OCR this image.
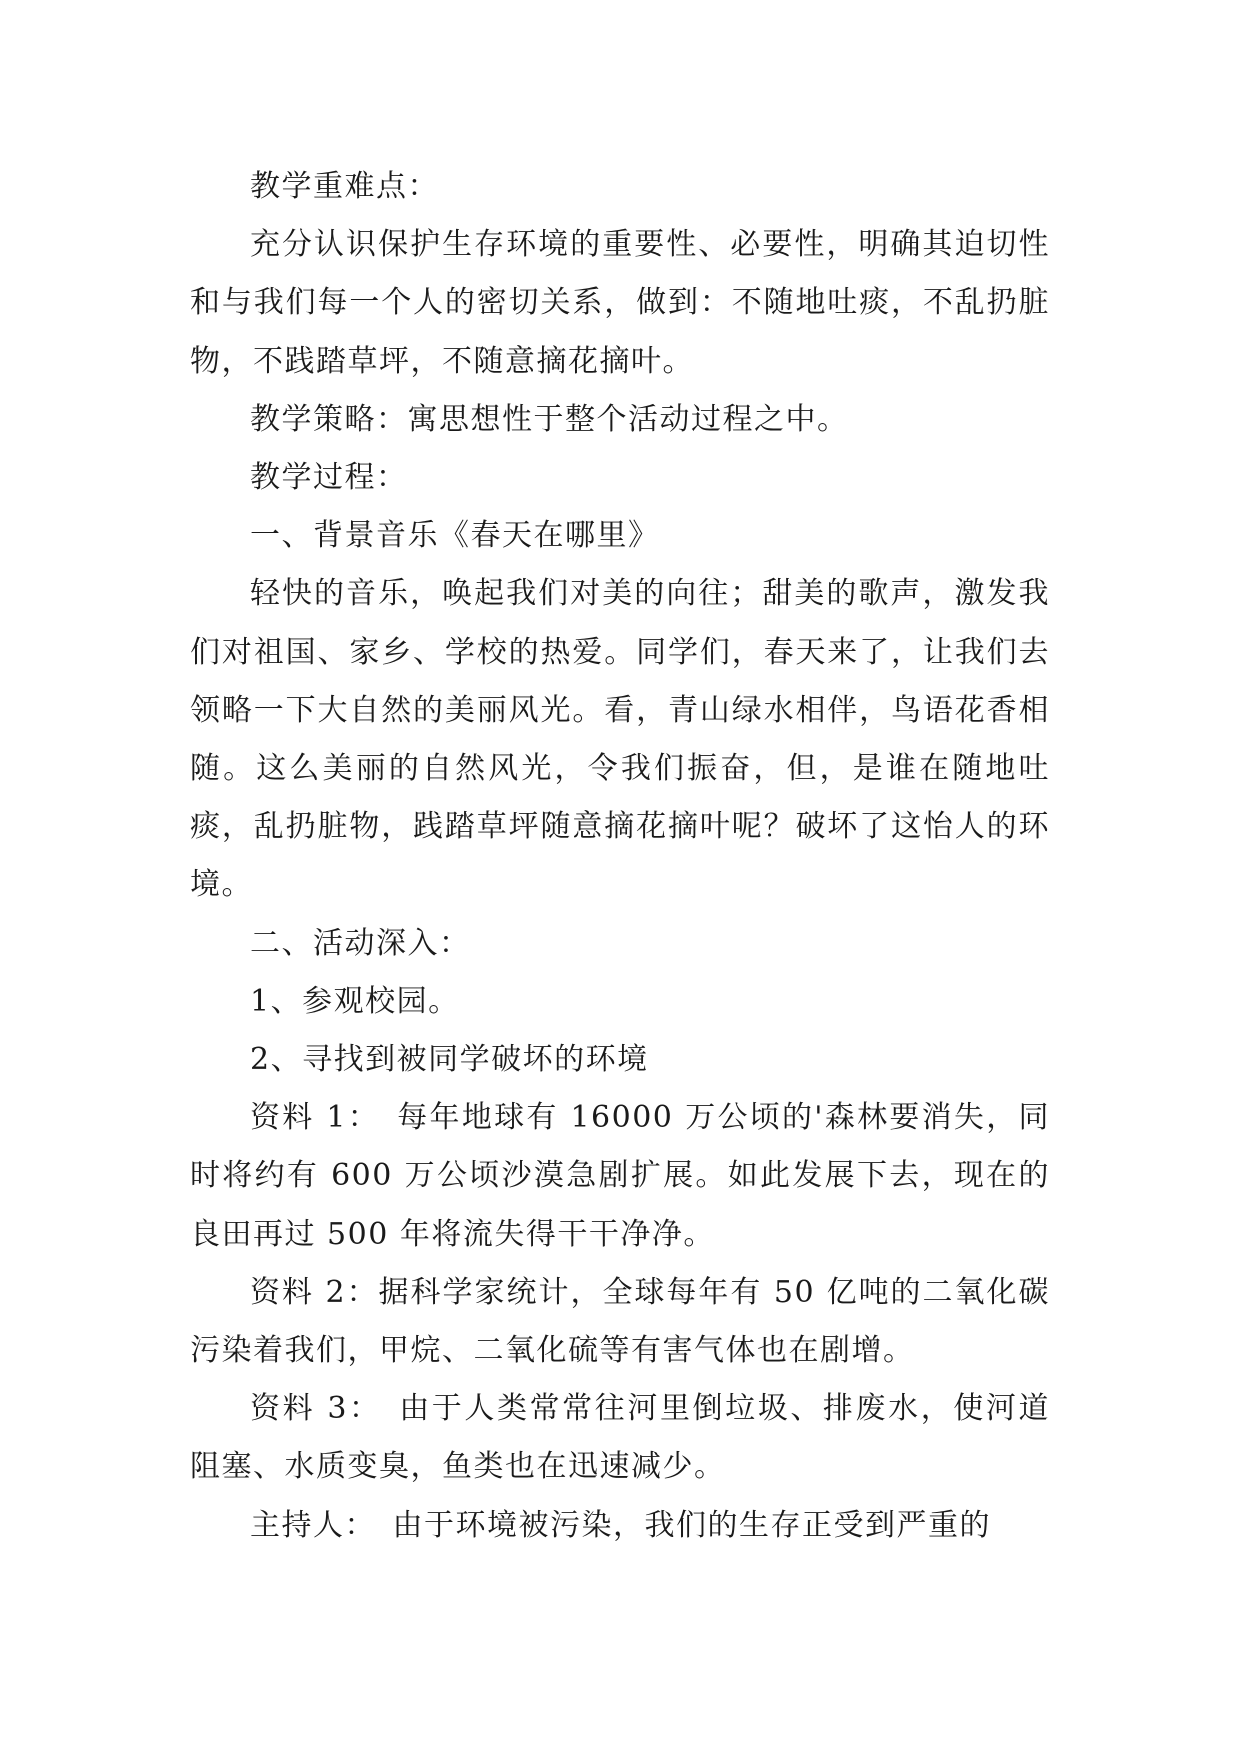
教学重难点：

充分认识保护生存环境的重要性、必要性，明确其迫切性和与我们每一个人的密切关系，做到：不随地吐痰，不乱扔脏物，不践踏草坪，不随意摘花摘叶。

教学策略：寓思想性于整个活动过程之中。

教学过程：

一、背景音乐《春天在哪里》

轻快的音乐，唤起我们对美的向往；甜美的歌声，激发我们对祖国、家乡、学校的热爱。同学们，春天来了，让我们去领略一下大自然的美丽风光。看，青山绿水相伴，鸟语花香相随。这么美丽的自然风光，令我们振奋，但，是谁在随地吐痰，乱扔脏物，践踏草坪随意摘花摘叶呢？破坏了这怡人的环境。

二、活动深入：

1、参观校园。

2、寻找到被同学破坏的环境

资料 1：　每年地球有 16000 万公顷的'森林要消失，同时将约有 600 万公顷沙漠急剧扩展。如此发展下去，现在的良田再过 500 年将流失得干干净净。

资料 2：据科学家统计，全球每年有 50 亿吨的二氧化碳污染着我们，甲烷、二氧化硫等有害气体也在剧增。

资料 3：　由于人类常常往河里倒垃圾、排废水，使河道阻塞、水质变臭，鱼类也在迅速减少。

主持人：　由于环境被污染，我们的生存正受到严重的
